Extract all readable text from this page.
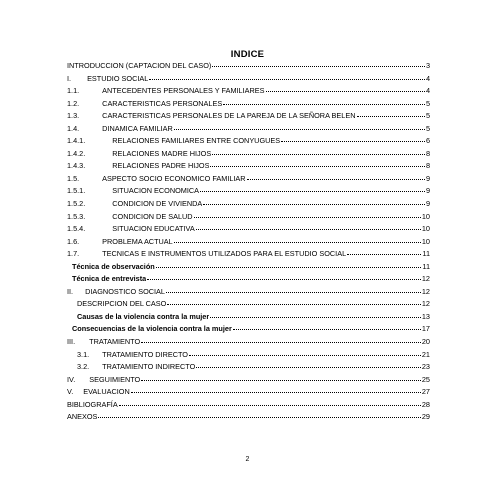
INDICE
INTRODUCCION (CAPTACION DEL CASO)	3
I. ESTUDIO SOCIAL	4
1.1.	ANTECEDENTES PERSONALES Y FAMILIARES	4
1.2.	CARACTERISTICAS PERSONALES	5
1.3.	CARACTERISTICAS PERSONALES DE LA PAREJA DE LA SEÑORA BELEN	5
1.4.	DINAMICA FAMILIAR	5
1.4.1.	RELACIONES FAMILIARES ENTRE CONYUGUES	6
1.4.2.	RELACIONES MADRE HIJOS	8
1.4.3.	RELACIONES PADRE HIJOS	8
1.5.	ASPECTO SOCIO ECONOMICO FAMILIAR	9
1.5.1.	SITUACION ECONOMICA	9
1.5.2.	CONDICION DE VIVIENDA	9
1.5.3.	CONDICION DE SALUD	10
1.5.4.	SITUACION EDUCATIVA	10
1.6.	PROBLEMA ACTUAL	10
1.7.	TECNICAS E INSTRUMENTOS UTILIZADOS PARA EL ESTUDIO SOCIAL	11
Técnica de observación	11
Técnica de entrevista	12
II. DIAGNOSTICO SOCIAL	12
DESCRIPCION DEL CASO	12
Causas de la violencia contra la mujer	13
Consecuencias de la violencia contra la mujer	17
III. TRATAMIENTO	20
3.1. TRATAMIENTO DIRECTO	21
3.2. TRATAMIENTO INDIRECTO	23
IV. SEGUIMIENTO	25
V. EVALUACION	27
BIBLIOGRAFÍA	28
ANEXOS	29
2
